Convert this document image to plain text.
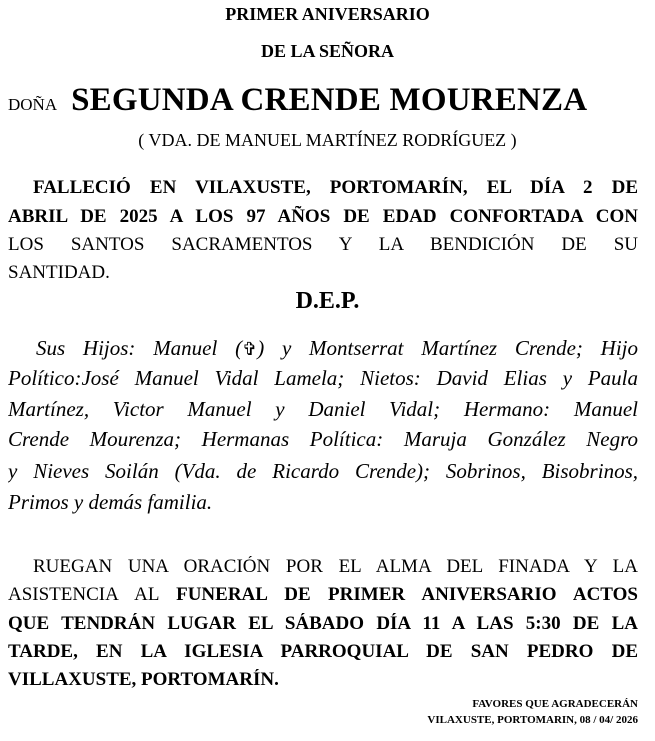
PRIMER ANIVERSARIO
DE LA SEÑORA
DOÑA SEGUNDA CRENDE MOURENZA
( VDA. DE MANUEL MARTÍNEZ RODRÍGUEZ )
FALLECIÓ EN VILAXUSTE, PORTOMARÍN, EL DÍA 2 DE
ABRIL DE 2025 A LOS 97 AÑOS DE EDAD CONFORTADA CON
LOS SANTOS SACRAMENTOS Y LA BENDICIÓN DE SU
SANTIDAD.
D.E.P.
Sus Hijos: Manuel (✞) y Montserrat Martínez Crende; Hijo
Político:José Manuel Vidal Lamela; Nietos: David Elias y Paula
Martínez, Victor Manuel y Daniel Vidal; Hermano: Manuel
Crende Mourenza; Hermanas Política: Maruja González Negro
y Nieves Soilán (Vda. de Ricardo Crende); Sobrinos, Bisobrinos,
Primos y demás familia.
RUEGAN UNA ORACIÓN POR EL ALMA DEL FINADA Y LA
ASISTENCIA AL FUNERAL DE PRIMER ANIVERSARIO ACTOS
QUE TENDRÁN LUGAR EL SÁBADO DÍA 11 A LAS 5:30 DE LA
TARDE, EN LA IGLESIA PARROQUIAL DE SAN PEDRO DE
VILLAXUSTE, PORTOMARÍN.
FAVORES QUE AGRADECERÁN
VILAXUSTE, PORTOMARIN, 08 / 04/ 2026
